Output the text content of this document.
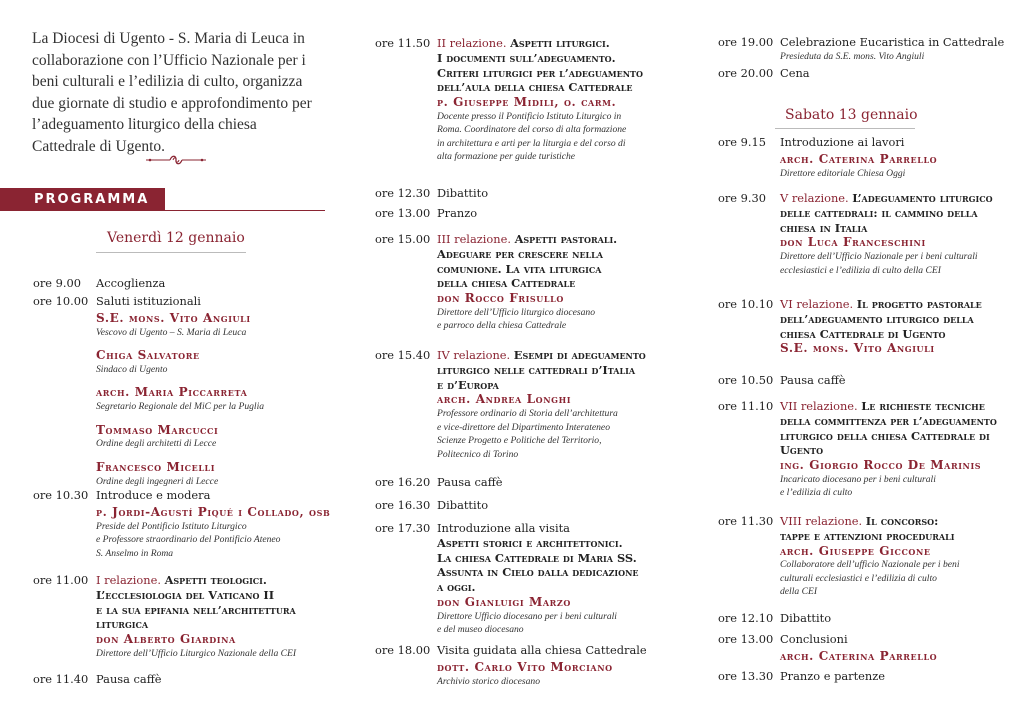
La Diocesi di Ugento - S. Maria di Leuca in collaborazione con l’Ufficio Nazionale per i beni culturali e l’edilizia di culto, organizza due giornate di studio e approfondimento per l’adeguamento liturgico della chiesa Cattedrale di Ugento.
PROGRAMMA
Venerdì 12 gennaio
Sabato 13 gennaio
ore 9.00 Accoglienza
ore 10.00 Saluti istituzionali
S.E. mons. Vito Angiuli
Vescovo di Ugento – S. Maria di Leuca
Chiga Salvatore
Sindaco di Ugento
arch. Maria Piccarreta
Segretario Regionale del MiC per la Puglia
Tommaso Marcucci
Ordine degli architetti di Lecce
Francesco Micelli
Ordine degli ingegneri di Lecce
ore 10.30 Introduce e modera
p. Jordi-Agustí Piqué i Collado, osb
Preside del Pontificio Istituto Liturgico
e Professore straordinario del Pontificio Ateneo
S. Anselmo in Roma
ore 11.00 I relazione. Aspetti teologici.
L’ecclesiologia del Vaticano II
e la sua epifania nell’architettura
liturgica
don Alberto Giardina
Direttore dell’Ufficio Liturgico Nazionale della CEI
ore 11.40 Pausa caffè
ore 11.50 II relazione. Aspetti liturgici.
I documenti sull’adeguamento.
Criteri liturgici per l’adeguamento
dell’aula della chiesa Cattedrale
p. Giuseppe Midili, o. carm.
Docente presso il Pontificio Istituto Liturgico in
Roma. Coordinatore del corso di alta formazione
in architettura e arti per la liturgia e del corso di
alta formazione per guide turistiche
ore 12.30 Dibattito
ore 13.00 Pranzo
ore 15.00 III relazione. Aspetti pastorali.
Adeguare per crescere nella
comunione. La vita liturgica
della chiesa Cattedrale
don Rocco Frisullo
Direttore dell’Ufficio liturgico diocesano
e parroco della chiesa Cattedrale
ore 15.40 IV relazione. Esempi di adeguamento
liturgico nelle cattedrali d’Italia
e d’Europa
arch. Andrea Longhi
Professore ordinario di Storia dell’architettura
e vice-direttore del Dipartimento Interateneo
Scienze Progetto e Politiche del Territorio,
Politecnico di Torino
ore 16.20 Pausa caffè
ore 16.30 Dibattito
ore 17.30 Introduzione alla visita
Aspetti storici e architettonici.
La chiesa Cattedrale di Maria SS.
Assunta in Cielo dalla dedicazione
a oggi.
don Gianluigi Marzo
Direttore Ufficio diocesano per i beni culturali
e del museo diocesano
ore 18.00 Visita guidata alla chiesa Cattedrale
dott. Carlo Vito Morciano
Archivio storico diocesano
ore 19.00 Celebrazione Eucaristica in Cattedrale
Presieduta da S.E. mons. Vito Angiuli
ore 20.00 Cena
ore 9.15 Introduzione ai lavori
arch. Caterina Parrello
Direttore editoriale Chiesa Oggi
ore 9.30 V relazione. L’adeguamento liturgico
delle cattedrali: il cammino della
chiesa in Italia
don Luca Franceschini
Direttore dell’Ufficio Nazionale per i beni culturali
ecclesiastici e l’edilizia di culto della CEI
ore 10.10 VI relazione. Il progetto pastorale
dell’adeguamento liturgico della
chiesa Cattedrale di Ugento
S.E. mons. Vito Angiuli
ore 10.50 Pausa caffè
ore 11.10 VII relazione. Le richieste tecniche
della committenza per l’adeguamento
liturgico della chiesa Cattedrale di
Ugento
ing. Giorgio Rocco De Marinis
Incaricato diocesano per i beni culturali
e l’edilizia di culto
ore 11.30 VIII relazione. Il concorso:
tappe e attenzioni procedurali
arch. Giuseppe Giccone
Collaboratore dell’ufficio Nazionale per i beni
culturali ecclesiastici e l’edilizia di culto
della CEI
ore 12.10 Dibattito
ore 13.00 Conclusioni
arch. Caterina Parrello
ore 13.30 Pranzo e partenze
